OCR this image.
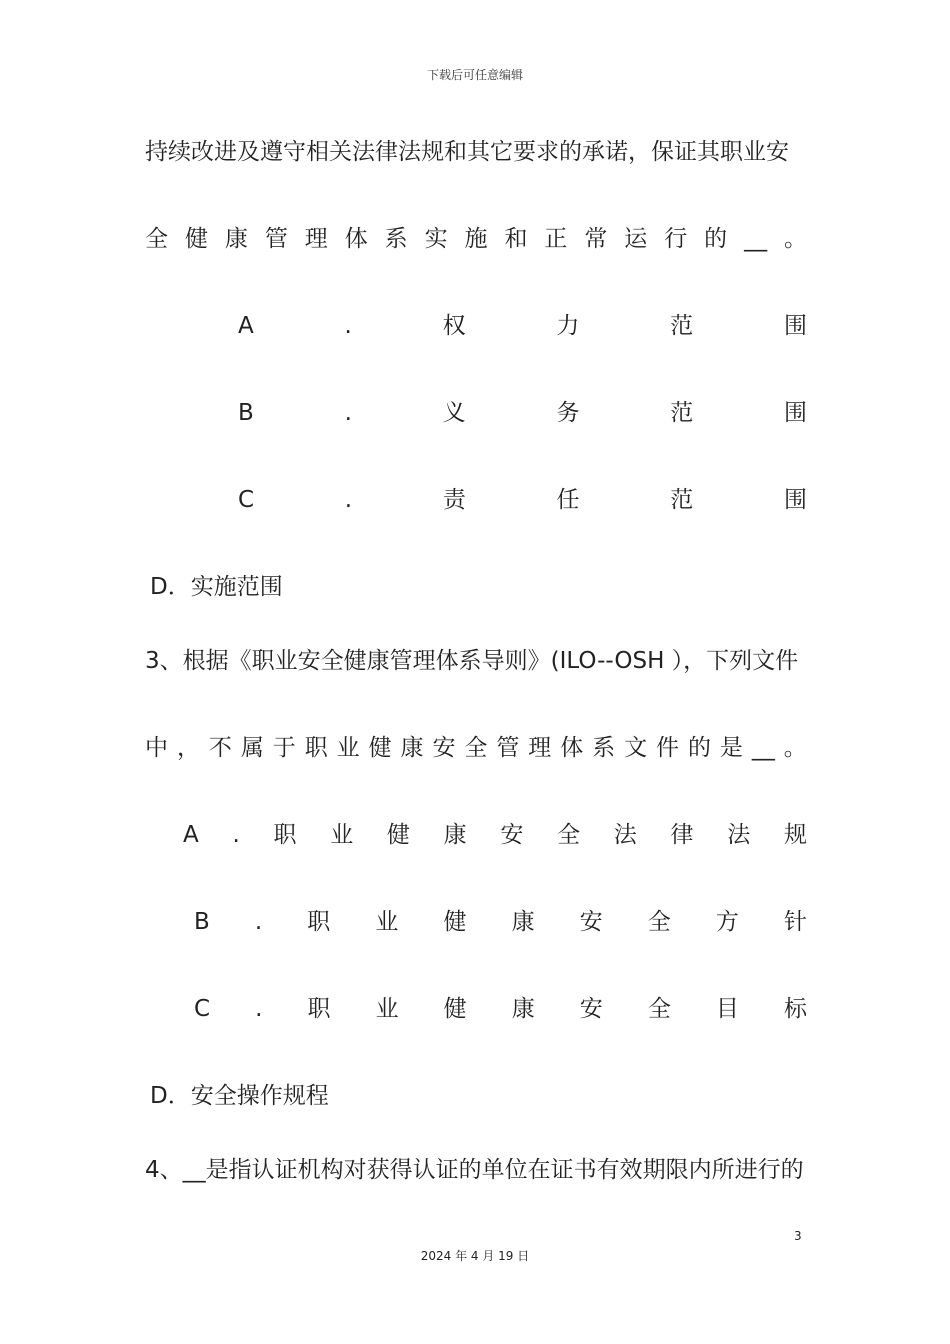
下载后可任意编辑
持续改进及遵守相关法律法规和其它要求的承诺，保证其职业安
全 健 康 管 理 体 系 实 施 和 正 常 运 行 的 __ 。
A	.	权	力	范	围
B	.	义	务	范	围
C	.	责	任	范	围
D．实施范围
3、根据《职业安全健康管理体系导则》(ILO--OSH ），下列文件
中 ， 不 属 于 职 业 健 康 安 全 管 理 体 系 文 件 的 是 __ 。
A . 职 业 健 康 安 全 法 律 法 规
B . 职 业 健 康 安 全 方 针
C . 职 业 健 康 安 全 目 标
D．安全操作规程
4、__是指认证机构对获得认证的单位在证书有效期限内所进行的
3
2024 年 4 月 19 日
